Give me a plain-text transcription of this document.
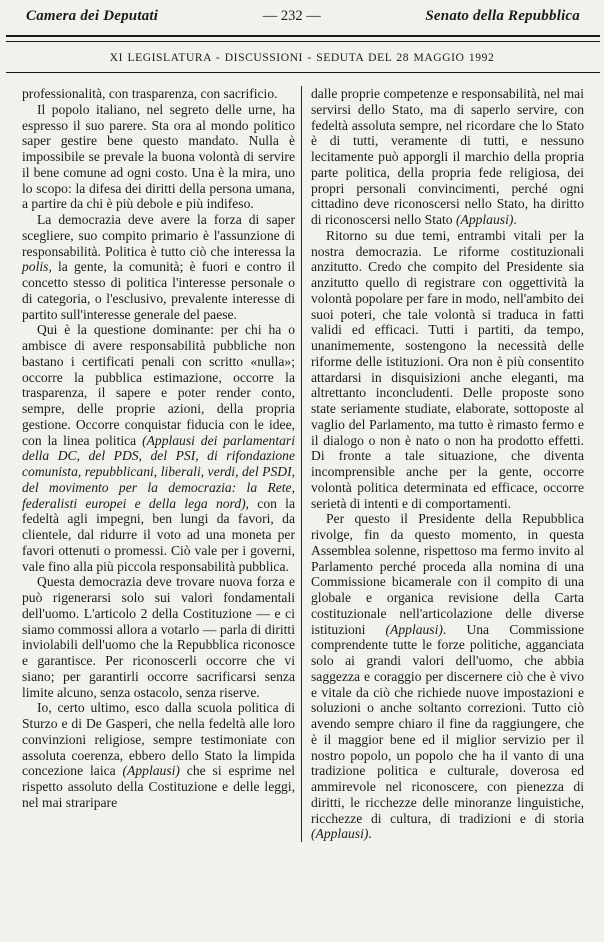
Camera dei Deputati	— 232 —	Senato della Repubblica
XI LEGISLATURA - DISCUSSIONI - SEDUTA DEL 28 MAGGIO 1992

professionalità, con trasparenza, con sacrificio.

Il popolo italiano, nel segreto delle urne, ha espresso il suo parere. Sta ora al mondo politico saper gestire bene questo mandato. Nulla è impossibile se prevale la buona volontà di servire il bene comune ad ogni costo. Una è la mira, uno lo scopo: la difesa dei diritti della persona umana, a partire da chi è più debole e più indifeso.

La democrazia deve avere la forza di saper scegliere, suo compito primario è l'assunzione di responsabilità. Politica è tutto ciò che interessa la polis, la gente, la comunità; è fuori e contro il concetto stesso di politica l'interesse personale o di categoria, o l'esclusivo, prevalente interesse di partito sull'interesse generale del paese.

Qui è la questione dominante: per chi ha o ambisce di avere responsabilità pubbliche non bastano i certificati penali con scritto «nulla»; occorre la pubblica estimazione, occorre la trasparenza, il sapere e poter render conto, sempre, delle proprie azioni, della propria gestione. Occorre conquistar fiducia con le idee, con la linea politica (Applausi dei parlamentari della DC, del PDS, del PSI, di rifondazione comunista, repubblicani, liberali, verdi, del PSDI, del movimento per la democrazia: la Rete, federalisti europei e della lega nord), con la fedeltà agli impegni, ben lungi da favori, da clientele, dal ridurre il voto ad una moneta per favori ottenuti o promessi. Ciò vale per i governi, vale fino alla più piccola responsabilità pubblica.

Questa democrazia deve trovare nuova forza e può rigenerarsi solo sui valori fondamentali dell'uomo. L'articolo 2 della Costituzione — e ci siamo commossi allora a votarlo — parla di diritti inviolabili dell'uomo che la Repubblica riconosce e garantisce. Per riconoscerli occorre che vi siano; per garantirli occorre sacrificarsi senza limite alcuno, senza ostacolo, senza riserve.

Io, certo ultimo, esco dalla scuola politica di Sturzo e di De Gasperi, che nella fedeltà alle loro convinzioni religiose, sempre testimoniate con assoluta coerenza, ebbero dello Stato la limpida concezione laica (Applausi) che si esprime nel rispetto assoluto della Costituzione e delle leggi, nel mai straripare

dalle proprie competenze e responsabilità, nel mai servirsi dello Stato, ma di saperlo servire, con fedeltà assoluta sempre, nel ricordare che lo Stato è di tutti, veramente di tutti, e nessuno lecitamente può apporgli il marchio della propria parte politica, della propria fede religiosa, dei propri personali convincimenti, perché ogni cittadino deve riconoscersi nello Stato, ha diritto di riconoscersi nello Stato (Applausi).

Ritorno su due temi, entrambi vitali per la nostra democrazia. Le riforme costituzionali anzitutto. Credo che compito del Presidente sia anzitutto quello di registrare con oggettività la volontà popolare per fare in modo, nell'ambito dei suoi poteri, che tale volontà si traduca in fatti validi ed efficaci. Tutti i partiti, da tempo, unanimemente, sostengono la necessità delle riforme delle istituzioni. Ora non è più consentito attardarsi in disquisizioni anche eleganti, ma altrettanto inconcludenti. Delle proposte sono state seriamente studiate, elaborate, sottoposte al vaglio del Parlamento, ma tutto è rimasto fermo e il dialogo o non è nato o non ha prodotto effetti. Di fronte a tale situazione, che diventa incomprensible anche per la gente, occorre volontà politica determinata ed efficace, occorre serietà di intenti e di comportamenti.

Per questo il Presidente della Repubblica rivolge, fin da questo momento, in questa Assemblea solenne, rispettoso ma fermo invito al Parlamento perché proceda alla nomina di una Commissione bicamerale con il compito di una globale e organica revisione della Carta costituzionale nell'articolazione delle diverse istituzioni (Applausi). Una Commissione comprendente tutte le forze politiche, agganciata solo ai grandi valori dell'uomo, che abbia saggezza e coraggio per discernere ciò che è vivo e vitale da ciò che richiede nuove impostazioni e soluzioni o anche soltanto correzioni. Tutto ciò avendo sempre chiaro il fine da raggiungere, che è il maggior bene ed il miglior servizio per il nostro popolo, un popolo che ha il vanto di una tradizione politica e culturale, doverosa ed ammirevole nel riconoscere, con pienezza di diritti, le ricchezze delle minoranze linguistiche, ricchezze di cultura, di tradizioni e di storia (Applausi).
